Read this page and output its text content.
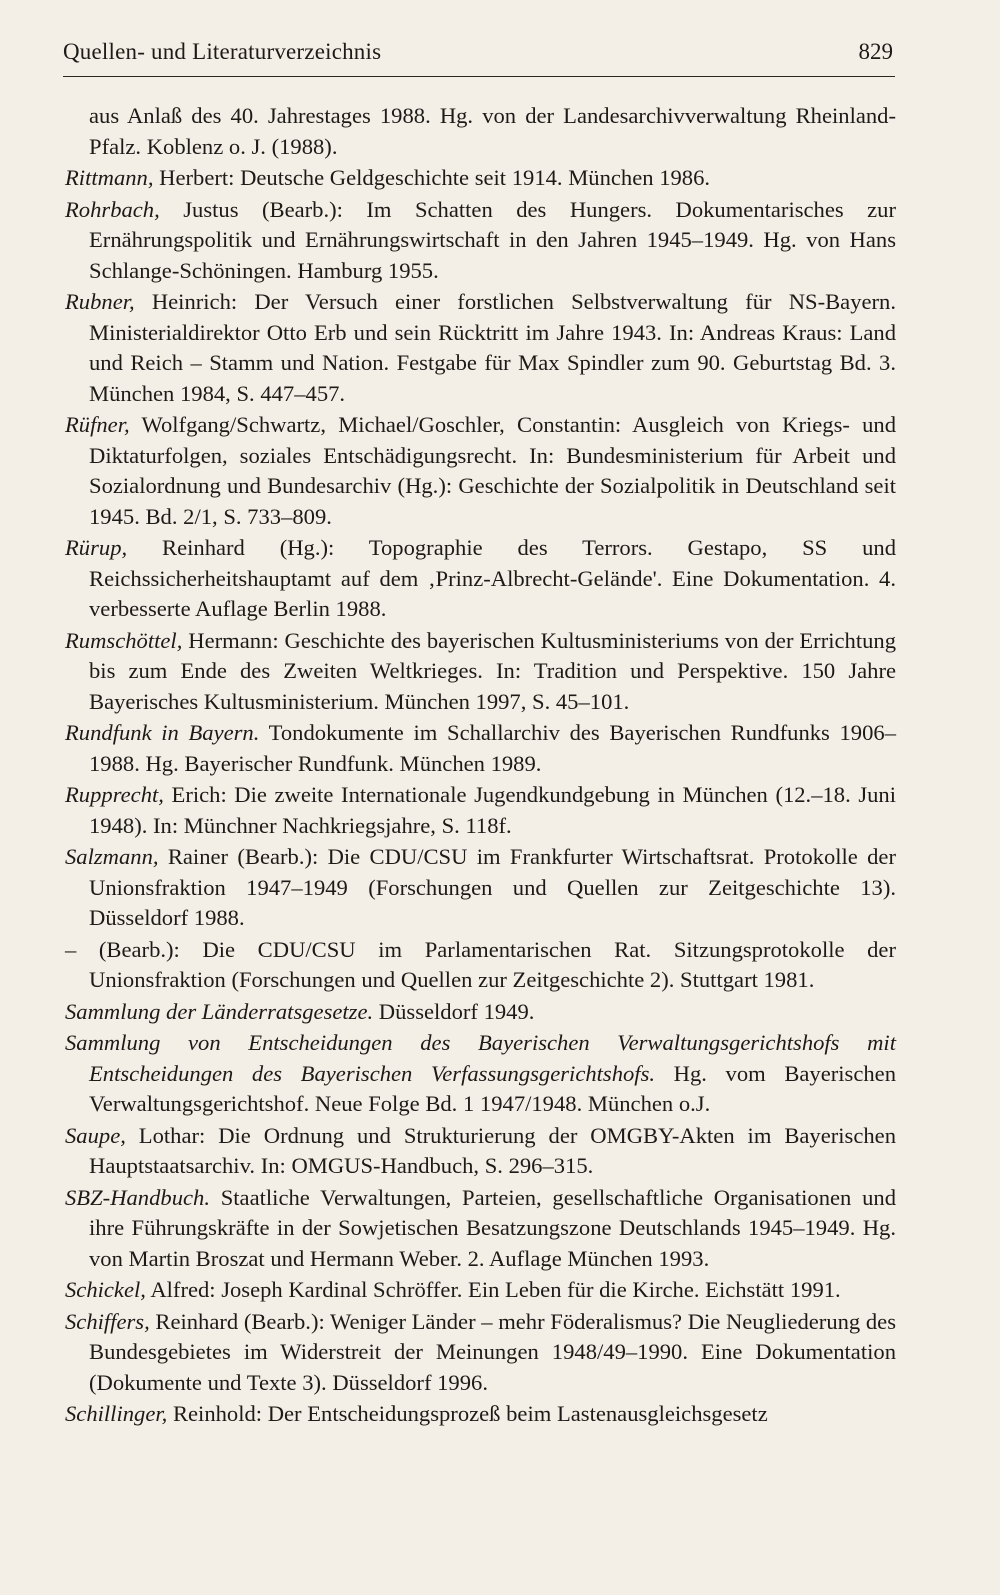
Quellen- und Literaturverzeichnis	829

aus Anlaß des 40. Jahrestages 1988. Hg. von der Landesarchivverwaltung Rheinland-Pfalz. Koblenz o. J. (1988).

Rittmann, Herbert: Deutsche Geldgeschichte seit 1914. München 1986.

Rohrbach, Justus (Bearb.): Im Schatten des Hungers. Dokumentarisches zur Ernährungspolitik und Ernährungswirtschaft in den Jahren 1945–1949. Hg. von Hans Schlange-Schöningen. Hamburg 1955.

Rubner, Heinrich: Der Versuch einer forstlichen Selbstverwaltung für NS-Bayern. Ministerialdirektor Otto Erb und sein Rücktritt im Jahre 1943. In: Andreas Kraus: Land und Reich – Stamm und Nation. Festgabe für Max Spindler zum 90. Geburtstag Bd. 3. München 1984, S. 447–457.

Rüfner, Wolfgang/Schwartz, Michael/Goschler, Constantin: Ausgleich von Kriegs- und Diktaturfolgen, soziales Entschädigungsrecht. In: Bundesministerium für Arbeit und Sozialordnung und Bundesarchiv (Hg.): Geschichte der Sozialpolitik in Deutschland seit 1945. Bd. 2/1, S. 733–809.

Rürup, Reinhard (Hg.): Topographie des Terrors. Gestapo, SS und Reichssicherheitshauptamt auf dem ‚Prinz-Albrecht-Gelände'. Eine Dokumentation. 4. verbesserte Auflage Berlin 1988.

Rumschöttel, Hermann: Geschichte des bayerischen Kultusministeriums von der Errichtung bis zum Ende des Zweiten Weltkrieges. In: Tradition und Perspektive. 150 Jahre Bayerisches Kultusministerium. München 1997, S. 45–101.

Rundfunk in Bayern. Tondokumente im Schallarchiv des Bayerischen Rundfunks 1906–1988. Hg. Bayerischer Rundfunk. München 1989.

Rupprecht, Erich: Die zweite Internationale Jugendkundgebung in München (12.–18. Juni 1948). In: Münchner Nachkriegsjahre, S. 118f.

Salzmann, Rainer (Bearb.): Die CDU/CSU im Frankfurter Wirtschaftsrat. Protokolle der Unionsfraktion 1947–1949 (Forschungen und Quellen zur Zeitgeschichte 13). Düsseldorf 1988.

– (Bearb.): Die CDU/CSU im Parlamentarischen Rat. Sitzungsprotokolle der Unionsfraktion (Forschungen und Quellen zur Zeitgeschichte 2). Stuttgart 1981.

Sammlung der Länderratsgesetze. Düsseldorf 1949.

Sammlung von Entscheidungen des Bayerischen Verwaltungsgerichtshofs mit Entscheidungen des Bayerischen Verfassungsgerichtshofs. Hg. vom Bayerischen Verwaltungsgerichtshof. Neue Folge Bd. 1 1947/1948. München o.J.

Saupe, Lothar: Die Ordnung und Strukturierung der OMGBY-Akten im Bayerischen Hauptstaatsarchiv. In: OMGUS-Handbuch, S. 296–315.

SBZ-Handbuch. Staatliche Verwaltungen, Parteien, gesellschaftliche Organisationen und ihre Führungskräfte in der Sowjetischen Besatzungszone Deutschlands 1945–1949. Hg. von Martin Broszat und Hermann Weber. 2. Auflage München 1993.

Schickel, Alfred: Joseph Kardinal Schröffer. Ein Leben für die Kirche. Eichstätt 1991.

Schiffers, Reinhard (Bearb.): Weniger Länder – mehr Föderalismus? Die Neugliederung des Bundesgebietes im Widerstreit der Meinungen 1948/49–1990. Eine Dokumentation (Dokumente und Texte 3). Düsseldorf 1996.

Schillinger, Reinhold: Der Entscheidungsprozeß beim Lastenausgleichsgesetz
